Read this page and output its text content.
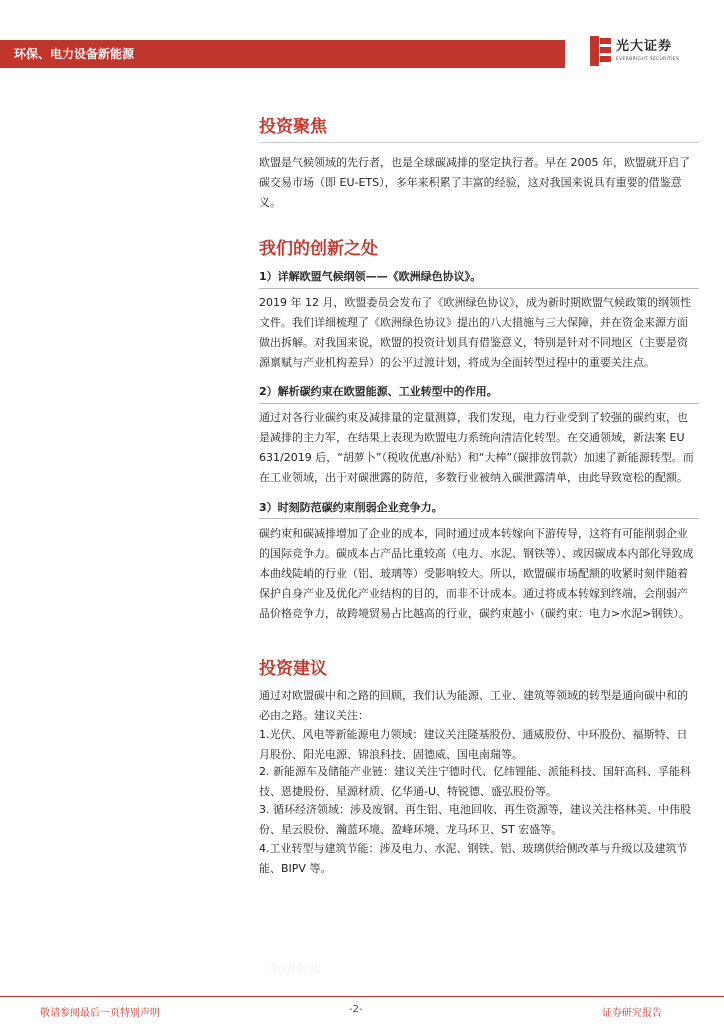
环保、电力设备新能源	光大证券
EVERBRIGHT SECURITIES
投资聚焦

欧盟是气候领域的先行者，也是全球碳减排的坚定执行者。早在 2005 年，欧盟就开启了碳交易市场（即 EU-ETS），多年来积累了丰富的经验，这对我国来说具有重要的借鉴意义。

我们的创新之处
1）详解欧盟气候纲领——《欧洲绿色协议》。

2019 年 12 月，欧盟委员会发布了《欧洲绿色协议》，成为新时期欧盟气候政策的纲领性文件。我们详细梳理了《欧洲绿色协议》提出的八大措施与三大保障，并在资金来源方面做出拆解。对我国来说，欧盟的投资计划具有借鉴意义，特别是针对不同地区（主要是资源禀赋与产业机构差异）的公平过渡计划，将成为全面转型过程中的重要关注点。

2）解析碳约束在欧盟能源、工业转型中的作用。

通过对各行业碳约束及减排量的定量测算，我们发现，电力行业受到了较强的碳约束，也是减排的主力军，在结果上表现为欧盟电力系统向清洁化转型。在交通领域，新法案 EU 631/2019 后，“胡萝卜”（税收优惠/补贴）和“大棒”（碳排放罚款）加速了新能源转型。而在工业领域，出于对碳泄露的防范，多数行业被纳入碳泄露清单，由此导致宽松的配额。

3）时刻防范碳约束削弱企业竞争力。

碳约束和碳减排增加了企业的成本，同时通过成本转嫁向下游传导，这将有可能削弱企业的国际竞争力。碳成本占产品比重较高（电力、水泥、钢铁等）、或因碳成本内部化导致成本曲线陡峭的行业（铝、玻璃等）受影响较大。所以，欧盟碳市场配额的收紧时刻伴随着保护自身产业及优化产业结构的目的，而非不计成本。通过将成本转嫁到终端，会削弱产品价格竞争力，故跨境贸易占比越高的行业，碳约束越小（碳约束：电力>水泥>钢铁）。

投资建议

通过对欧盟碳中和之路的回顾，我们认为能源、工业、建筑等领域的转型是通向碳中和的必由之路。建议关注：

1.光伏、风电等新能源电力领域：建议关注隆基股份、通威股份、中环股份、福斯特、日月股份、阳光电源、锦浪科技、固德威、国电南瑞等。

2. 新能源车及储能产业链：建议关注宁德时代、亿纬锂能、派能科技、国轩高科、孚能科技、恩捷股份、星源材质、亿华通-U、特锐德、盛弘股份等。

3. 循环经济领域：涉及废钢、再生铝、电池回收、再生资源等，建议关注格林美、中伟股份、星云股份、瀚蓝环境、盈峰环境、龙马环卫、ST 宏盛等。

4.工业转型与建筑节能：涉及电力、水泥、钢铁、铝、玻璃供给侧改革与升级以及建筑节能、BIPV 等。

敬请参阅
敬请参阅最后一页特别声明	-2-	证券研究报告
